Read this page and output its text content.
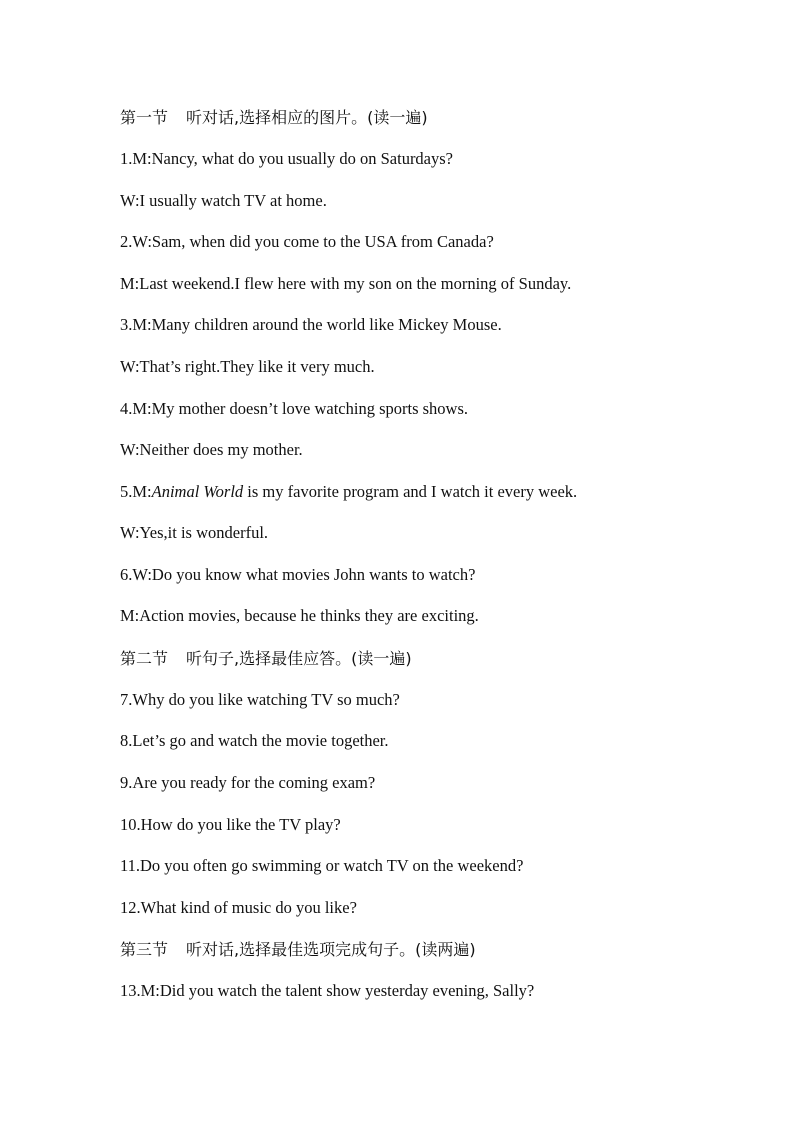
第一节 听对话,选择相应的图片。(读一遍)
1.M:Nancy, what do you usually do on Saturdays?
W:I usually watch TV at home.
2.W:Sam, when did you come to the USA from Canada?
M:Last weekend.I flew here with my son on the morning of Sunday.
3.M:Many children around the world like Mickey Mouse.
W:That’s right.They like it very much.
4.M:My mother doesn’t love watching sports shows.
W:Neither does my mother.
5.M:Animal World is my favorite program and I watch it every week.
W:Yes,it is wonderful.
6.W:Do you know what movies John wants to watch?
M:Action movies, because he thinks they are exciting.
第二节 听句子,选择最佳应答。(读一遍)
7.Why do you like watching TV so much?
8.Let’s go and watch the movie together.
9.Are you ready for the coming exam?
10.How do you like the TV play?
11.Do you often go swimming or watch TV on the weekend?
12.What kind of music do you like?
第三节 听对话,选择最佳选项完成句子。(读两遍)
13.M:Did you watch the talent show yesterday evening, Sally?
